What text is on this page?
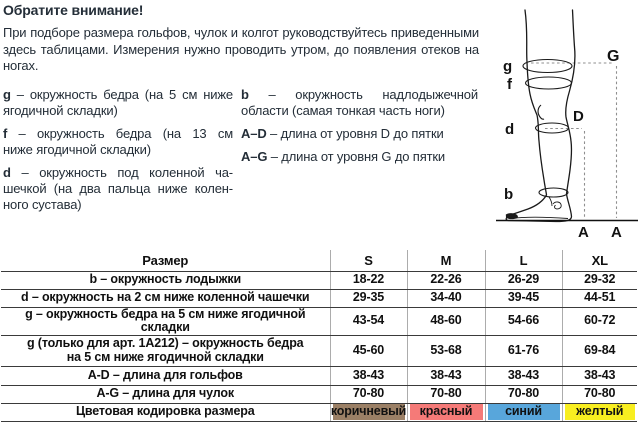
Обратите внимание!
При подборе размера гольфов, чулок и колгот руководствуйтесь приведенными
здесь таблицами. Измерения нужно проводить утром, до появления отеков на
ногах.
g – окружность бедра (на 5 см ниже
ягодичной складки)
f – окружность бедра (на 13 см
ниже ягодичной складки)
d – окружность под коленной ча-
шечкой (на два пальца ниже колен-
ного сустава)
b – окружность надлодыжечной
области (самая тонкая часть ноги)
A–D – длина от уровня D до пятки
A–G – длина от уровня G до пятки
g
f
d
b
D
G
A A
Размер	S	M	L	XL
b – окружность лодыжки	18-22	22-26	26-29	29-32
d – окружность на 2 см ниже коленной чашечки	29-35	34-40	39-45	44-51
g – окружность бедра на 5 см ниже ягодичной складки	43-54	48-60	54-66	60-72

g (только для арт. 1A212) – окружность бедра
на 5 см ниже ягодичной складки	45-60	53-68	61-76	69-84
A-D – длина для гольфов	38-43	38-43	38-43	38-43
A-G – длина для чулок	70-80	70-80	70-80	70-80
Цветовая кодировка размера	коричневый	красный	синий	желтый
